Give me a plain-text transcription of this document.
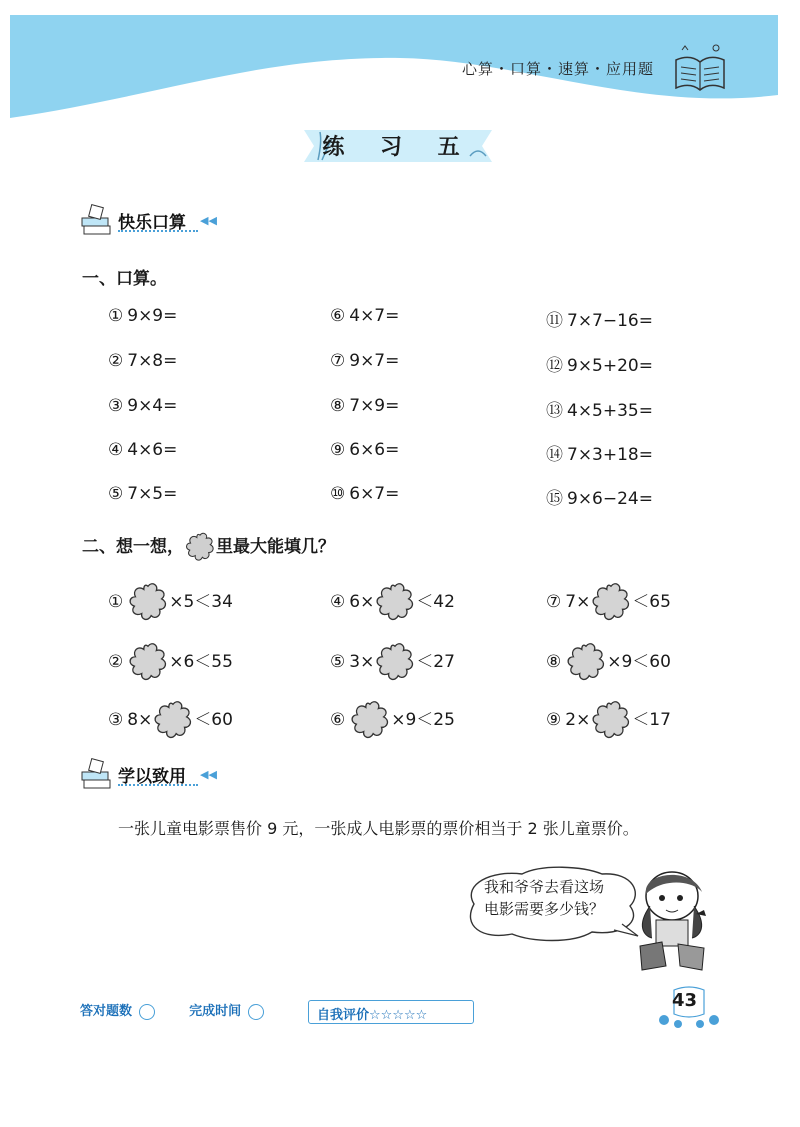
心算・口算・速算・应用题
练 习 五
快乐口算 ◀◀
一、口算。
① 9×9=
② 7×8=
③ 9×4=
④ 4×6=
⑤ 7×5=
⑥ 4×7=
⑦ 9×7=
⑧ 7×9=
⑨ 6×6=
⑩ 6×7=
⑪ 7×7−16=
⑫ 9×5+20=
⑬ 4×5+35=
⑭ 7×3+18=
⑮ 9×6−24=
二、想一想， 里最大能填几？
①	×5＜34
②	×6＜55
③ 8× ＜60
④ 6× ＜42
⑤ 3× ＜27
⑥	×9＜25
⑦ 7× ＜65
⑧	×9＜60
⑨ 2× ＜17
学以致用 ◀◀
一张儿童电影票售价 9 元，一张成人电影票的票价相当于 2 张儿童票价。
我和爷爷去看这场
电影需要多少钱？
答对题数	完成时间	自我评价☆☆☆☆☆
43
